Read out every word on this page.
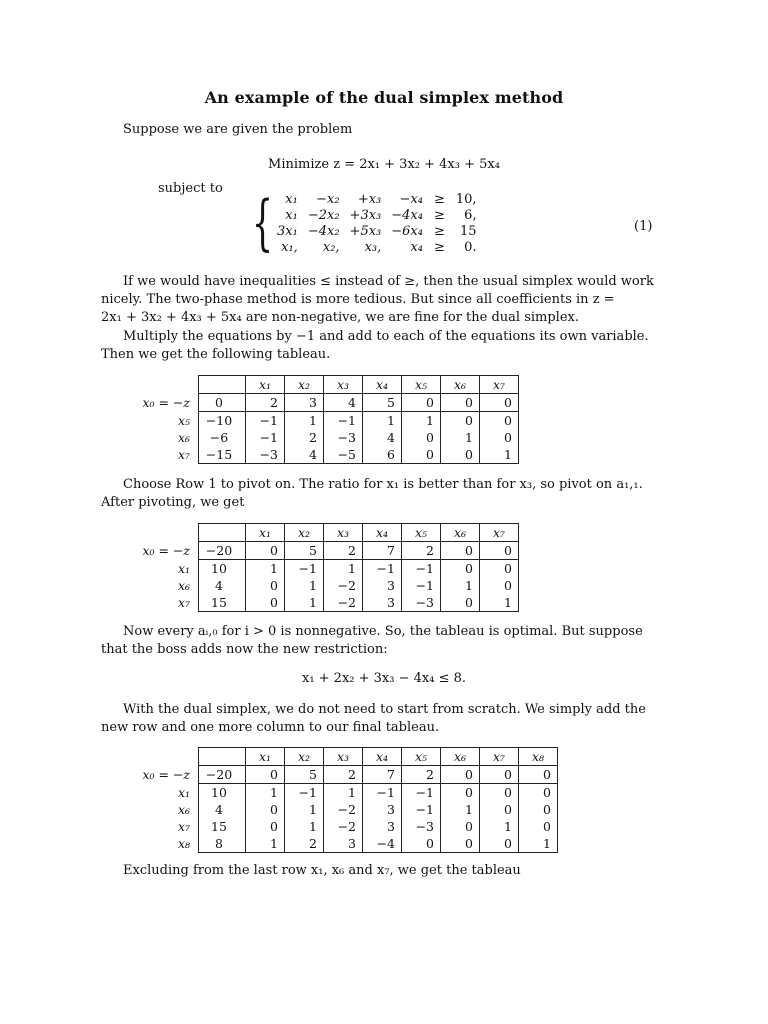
An example of the dual simplex method
Suppose we are given the problem
Minimize z = 2x₁ + 3x₂ + 4x₃ + 5x₄
subject to { x₁	−x₂	+x₃	−x₄	≥	10,
x₁	−2x₂	+3x₃	−4x₄	≥	6,
3x₁	−4x₂	+5x₃	−6x₄	≥	15
x₁,	x₂,	x₃,	x₄	≥	0.
(1)
If we would have inequalities ≤ instead of ≥, then the usual simplex would work
nicely. The two-phase method is more tedious. But since all coefficients in z =
2x₁ + 3x₂ + 4x₃ + 5x₄ are non-negative, we are fine for the dual simplex.
Multiply the equations by −1 and add to each of the equations its own variable.
Then we get the following tableau.
		x₁	x₂	x₃	x₄	x₅	x₆	x₇
x₀ = −z	0	2	3	4	5	0	0	0
x₅	−10	−1	1	−1	1	1	0	0
x₆	−6	−1	2	−3	4	0	1	0
x₇	−15	−3	4	−5	6	0	0	1
Choose Row 1 to pivot on. The ratio for x₁ is better than for x₃, so pivot on a₁,₁.
After pivoting, we get
		x₁	x₂	x₃	x₄	x₅	x₆	x₇
x₀ = −z	−20	0	5	2	7	2	0	0
x₁	10	1	−1	1	−1	−1	0	0
x₆	4	0	1	−2	3	−1	1	0
x₇	15	0	1	−2	3	−3	0	1
Now every aᵢ,₀ for i > 0 is nonnegative. So, the tableau is optimal. But suppose
that the boss adds now the new restriction:
x₁ + 2x₂ + 3x₃ − 4x₄ ≤ 8.
With the dual simplex, we do not need to start from scratch. We simply add the
new row and one more column to our final tableau.
		x₁	x₂	x₃	x₄	x₅	x₆	x₇	x₈
x₀ = −z	−20	0	5	2	7	2	0	0	0
x₁	10	1	−1	1	−1	−1	0	0	0
x₆	4	0	1	−2	3	−1	1	0	0
x₇	15	0	1	−2	3	−3	0	1	0
x₈	8	1	2	3	−4	0	0	0	1
Excluding from the last row x₁, x₆ and x₇, we get the tableau
